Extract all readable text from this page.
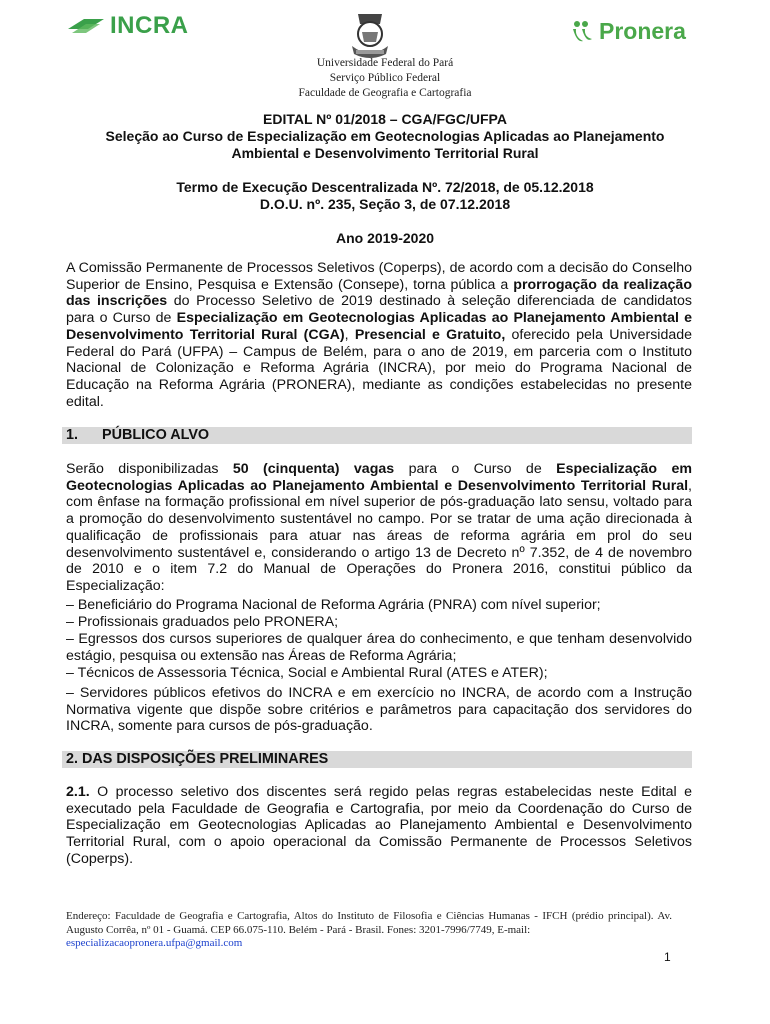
INCRA	Pronera
Universidade Federal do Pará
Serviço Público Federal
Faculdade de Geografia e Cartografia
EDITAL Nº 01/2018 – CGA/FGC/UFPA
Seleção ao Curso de Especialização em Geotecnologias Aplicadas ao Planejamento
Ambiental e Desenvolvimento Territorial Rural
Termo de Execução Descentralizada Nº. 72/2018, de 05.12.2018
D.O.U. nº. 235, Seção 3, de 07.12.2018
Ano 2019-2020
A Comissão Permanente de Processos Seletivos (Coperps), de acordo com a decisão do Conselho Superior de Ensino, Pesquisa e Extensão (Consepe), torna pública a prorrogação da realização das inscrições do Processo Seletivo de 2019 destinado à seleção diferenciada de candidatos para o Curso de Especialização em Geotecnologias Aplicadas ao Planejamento Ambiental e Desenvolvimento Territorial Rural (CGA), Presencial e Gratuito, oferecido pela Universidade Federal do Pará (UFPA) – Campus de Belém, para o ano de 2019, em parceria com o Instituto Nacional de Colonização e Reforma Agrária (INCRA), por meio do Programa Nacional de Educação na Reforma Agrária (PRONERA), mediante as condições estabelecidas no presente edital.
1. PÚBLICO ALVO
Serão disponibilizadas 50 (cinquenta) vagas para o Curso de Especialização em Geotecnologias Aplicadas ao Planejamento Ambiental e Desenvolvimento Territorial Rural, com ênfase na formação profissional em nível superior de pós-graduação lato sensu, voltado para a promoção do desenvolvimento sustentável no campo. Por se tratar de uma ação direcionada à qualificação de profissionais para atuar nas áreas de reforma agrária em prol do seu desenvolvimento sustentável e, considerando o artigo 13 de Decreto nº 7.352, de 4 de novembro de 2010 e o item 7.2 do Manual de Operações do Pronera 2016, constitui público da Especialização:
– Beneficiário do Programa Nacional de Reforma Agrária (PNRA) com nível superior;
– Profissionais graduados pelo PRONERA;
– Egressos dos cursos superiores de qualquer área do conhecimento, e que tenham desenvolvido estágio, pesquisa ou extensão nas Áreas de Reforma Agrária;
– Técnicos de Assessoria Técnica, Social e Ambiental Rural (ATES e ATER);
– Servidores públicos efetivos do INCRA e em exercício no INCRA, de acordo com a Instrução Normativa vigente que dispõe sobre critérios e parâmetros para capacitação dos servidores do INCRA, somente para cursos de pós-graduação.
2. DAS DISPOSIÇÕES PRELIMINARES
2.1. O processo seletivo dos discentes será regido pelas regras estabelecidas neste Edital e executado pela Faculdade de Geografia e Cartografia, por meio da Coordenação do Curso de Especialização em Geotecnologias Aplicadas ao Planejamento Ambiental e Desenvolvimento Territorial Rural, com o apoio operacional da Comissão Permanente de Processos Seletivos (Coperps).
Endereço: Faculdade de Geografia e Cartografia, Altos do Instituto de Filosofia e Ciências Humanas - IFCH (prédio principal). Av. Augusto Corrêa, nº 01 - Guamá. CEP 66.075-110. Belém - Pará - Brasil. Fones: 3201-7996/7749, E-mail:
especializacaopronera.ufpa@gmail.com
1
